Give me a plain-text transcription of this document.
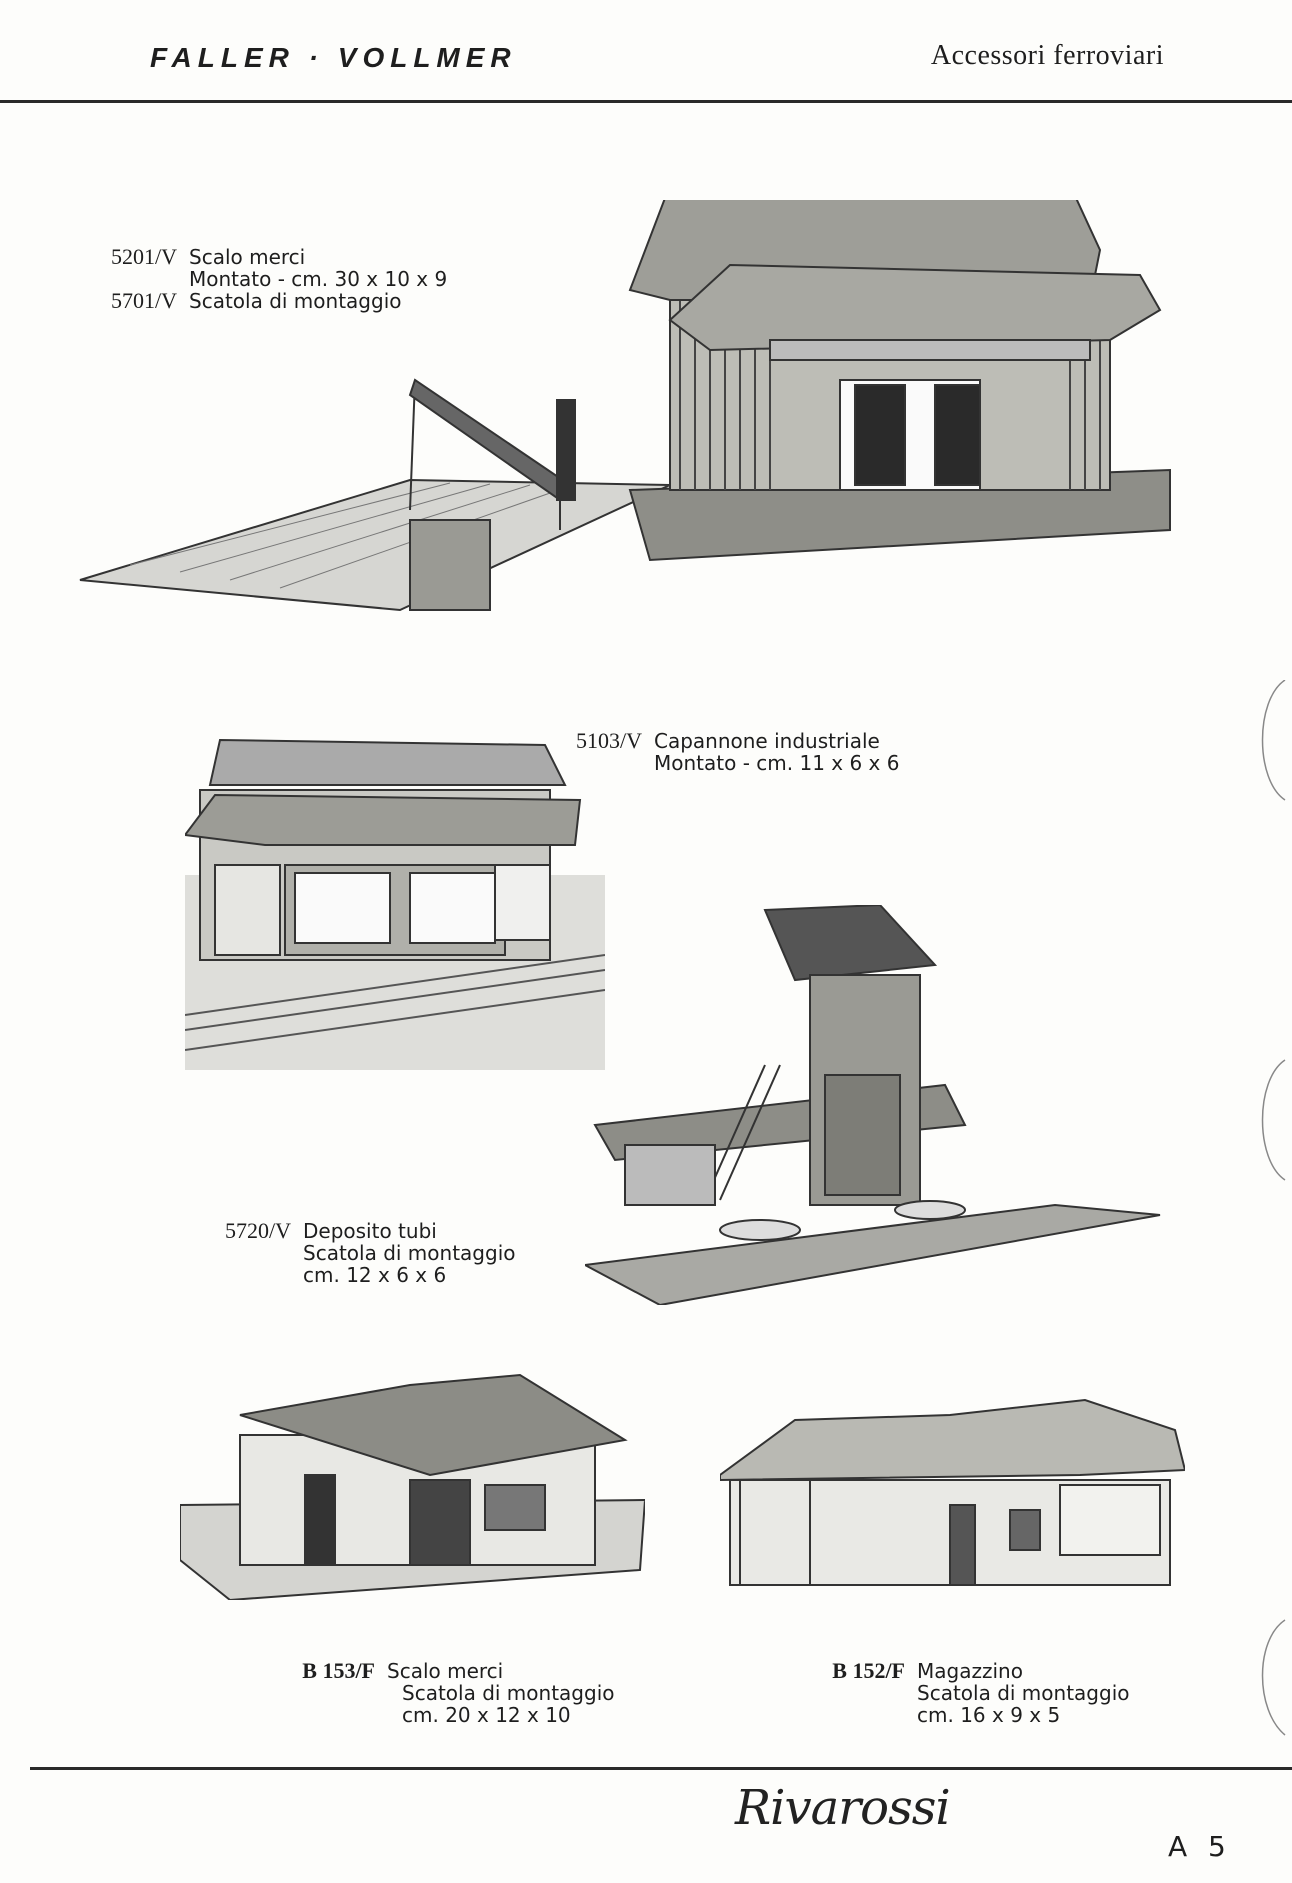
FALLER · VOLLMER	Accessori ferroviari
5201/V Scalo merci
Montato - cm. 30 x 10 x 9
5701/V Scatola di montaggio
5103/V Capannone industriale
Montato - cm. 11 x 6 x 6
5720/V Deposito tubi
Scatola di montaggio
cm. 12 x 6 x 6
B 153/F Scalo merci
Scatola di montaggio
cm. 20 x 12 x 10
B 152/F Magazzino
Scatola di montaggio
cm. 16 x 9 x 5
Rivarossi
A 5
